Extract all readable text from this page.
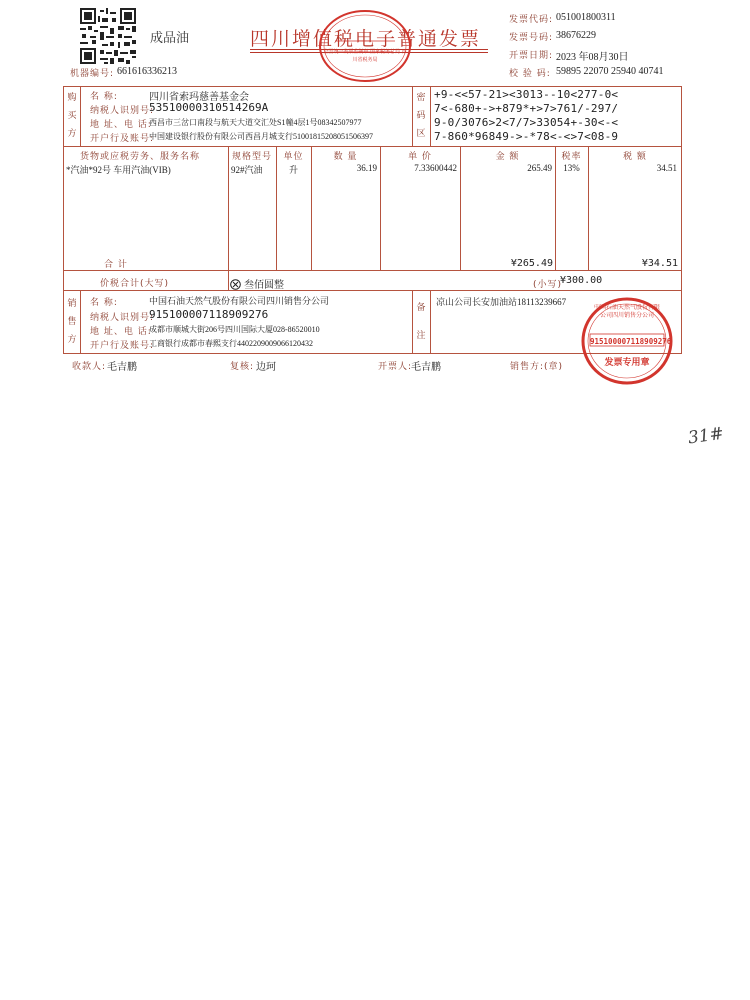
成品油	四川增值税电子普通发票
全国统一发票监制章 国家税务总局 四川省税务局
发票代码: 051001800311
发票号码: 38676229
开票日期: 2023 年08月30日
校 验 码: 59895 22070 25940 40741
机器编号: 661616336213
购
买
方
名 称:	四川省索玛慈善基金会
纳税人识别号:
53510000310514269A
地 址、电 话:
西昌市三岔口南段与航天大道交汇处S1幢4层1号08342507977
开户行及账号:
中国建设银行股份有限公司西昌月城支行51001815208051506397
密
码
区
+9-<<57-21><3013--10<277-0<
7<-680+->+879*+>7>761/-297/
9-0/3076>2<7/7>33054+-30<-<
7-860*96849->-*78<-<>7<08-9
货物或应税劳务、服务名称	规格型号	单位	数 量	单 价	金 额	税率	税 额
*汽油*92号 车用汽油(VIB)	92#汽油	升	36.19	7.33600442	265.49	13%	34.51
合 计	¥265.49	¥34.51
价税合计(大写)	叁佰圆整	(小写)
¥300.00
销
售
方
名 称:	中国石油天然气股份有限公司四川销售分公司
纳税人识别号:
915100007118909276
地 址、电 话:
成都市顺城大街206号四川国际大厦028-86520010
开户行及账号:
工商银行成都市春熙支行4402209009066120432
备
注
凉山公司长安加油站18113239667
中国石油天然气股份有限公司四川销售分公司
915100007118909276
发票专用章
收款人: 毛吉鹏	复核: 边珂	开票人:
毛吉鹏	销售方:(章)
31#
